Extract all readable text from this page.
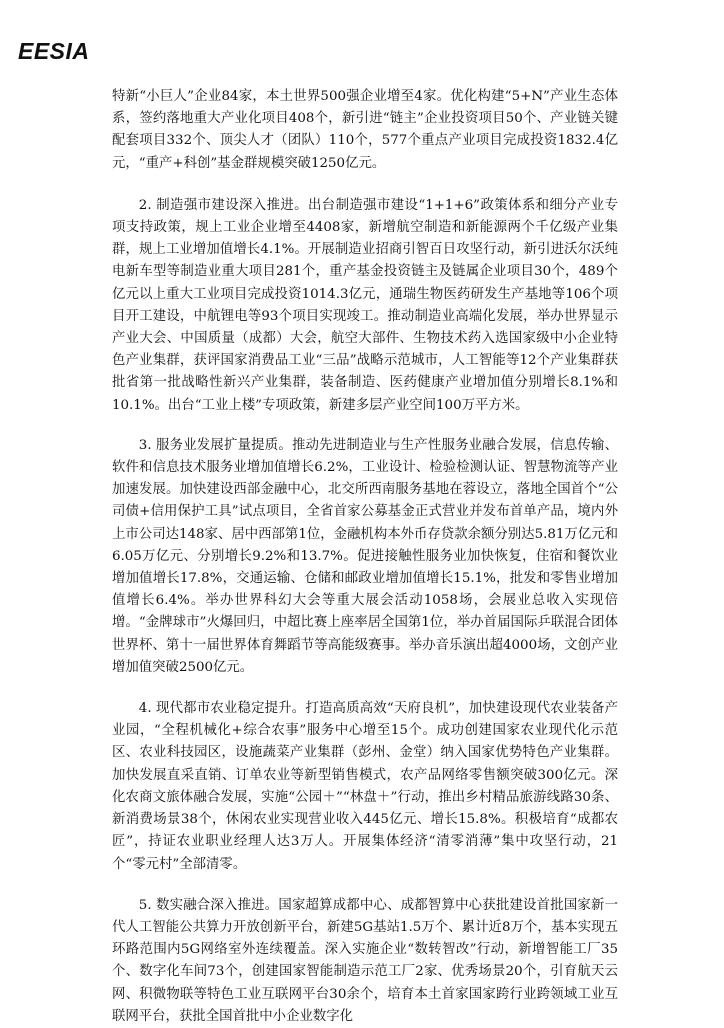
EESIA

特新“小巨人”企业84家，本土世界500强企业增至4家。优化构建“5+N”产业生态体系，签约落地重大产业化项目408个，新引进“链主”企业投资项目50个、产业链关键配套项目332个、顶尖人才（团队）110个，577个重点产业项目完成投资1832.4亿元，“重产+科创”基金群规模突破1250亿元。

2. 制造强市建设深入推进。出台制造强市建设“1+1+6”政策体系和细分产业专项支持政策，规上工业企业增至4408家，新增航空制造和新能源两个千亿级产业集群，规上工业增加值增长4.1%。开展制造业招商引智百日攻坚行动，新引进沃尔沃纯电新车型等制造业重大项目281个，重产基金投资链主及链属企业项目30个，489个亿元以上重大工业项目完成投资1014.3亿元，通瑞生物医药研发生产基地等106个项目开工建设，中航锂电等93个项目实现竣工。推动制造业高端化发展，举办世界显示产业大会、中国质量（成都）大会，航空大部件、生物技术药入选国家级中小企业特色产业集群，获评国家消费品工业“三品”战略示范城市，人工智能等12个产业集群获批省第一批战略性新兴产业集群，装备制造、医药健康产业增加值分别增长8.1%和10.1%。出台“工业上楼”专项政策，新建多层产业空间100万平方米。

3. 服务业发展扩量提质。推动先进制造业与生产性服务业融合发展，信息传输、软件和信息技术服务业增加值增长6.2%，工业设计、检验检测认证、智慧物流等产业加速发展。加快建设西部金融中心，北交所西南服务基地在蓉设立，落地全国首个“公司债+信用保护工具”试点项目，全省首家公募基金正式营业并发布首单产品，境内外上市公司达148家、居中西部第1位，金融机构本外币存贷款余额分别达5.81万亿元和6.05万亿元、分别增长9.2%和13.7%。促进接触性服务业加快恢复，住宿和餐饮业增加值增长17.8%，交通运输、仓储和邮政业增加值增长15.1%，批发和零售业增加值增长6.4%。举办世界科幻大会等重大展会活动1058场，会展业总收入实现倍增。“金牌球市”火爆回归，中超比赛上座率居全国第1位，举办首届国际乒联混合团体世界杯、第十一届世界体育舞蹈节等高能级赛事。举办音乐演出超4000场，文创产业增加值突破2500亿元。

4. 现代都市农业稳定提升。打造高质高效“天府良机”，加快建设现代农业装备产业园，“全程机械化+综合农事”服务中心增至15个。成功创建国家农业现代化示范区、农业科技园区，设施蔬菜产业集群（彭州、金堂）纳入国家优势特色产业集群。加快发展直采直销、订单农业等新型销售模式，农产品网络零售额突破300亿元。深化农商文旅体融合发展，实施“公园＋”“林盘＋”行动，推出乡村精品旅游线路30条、新消费场景38个，休闲农业实现营业收入445亿元、增长15.8%。积极培育“成都农匠”，持证农业职业经理人达3万人。开展集体经济“清零消薄”集中攻坚行动，21个“零元村”全部清零。

5. 数实融合深入推进。国家超算成都中心、成都智算中心获批建设首批国家新一代人工智能公共算力开放创新平台，新建5G基站1.5万个、累计近8万个，基本实现五环路范围内5G网络室外连续覆盖。深入实施企业“数转智改”行动，新增智能工厂35个、数字化车间73个，创建国家智能制造示范工厂2家、优秀场景20个，引育航天云网、积微物联等特色工业互联网平台30余个，培育本土首家国家跨行业跨领域工业互联网平台，获批全国首批中小企业数字化
